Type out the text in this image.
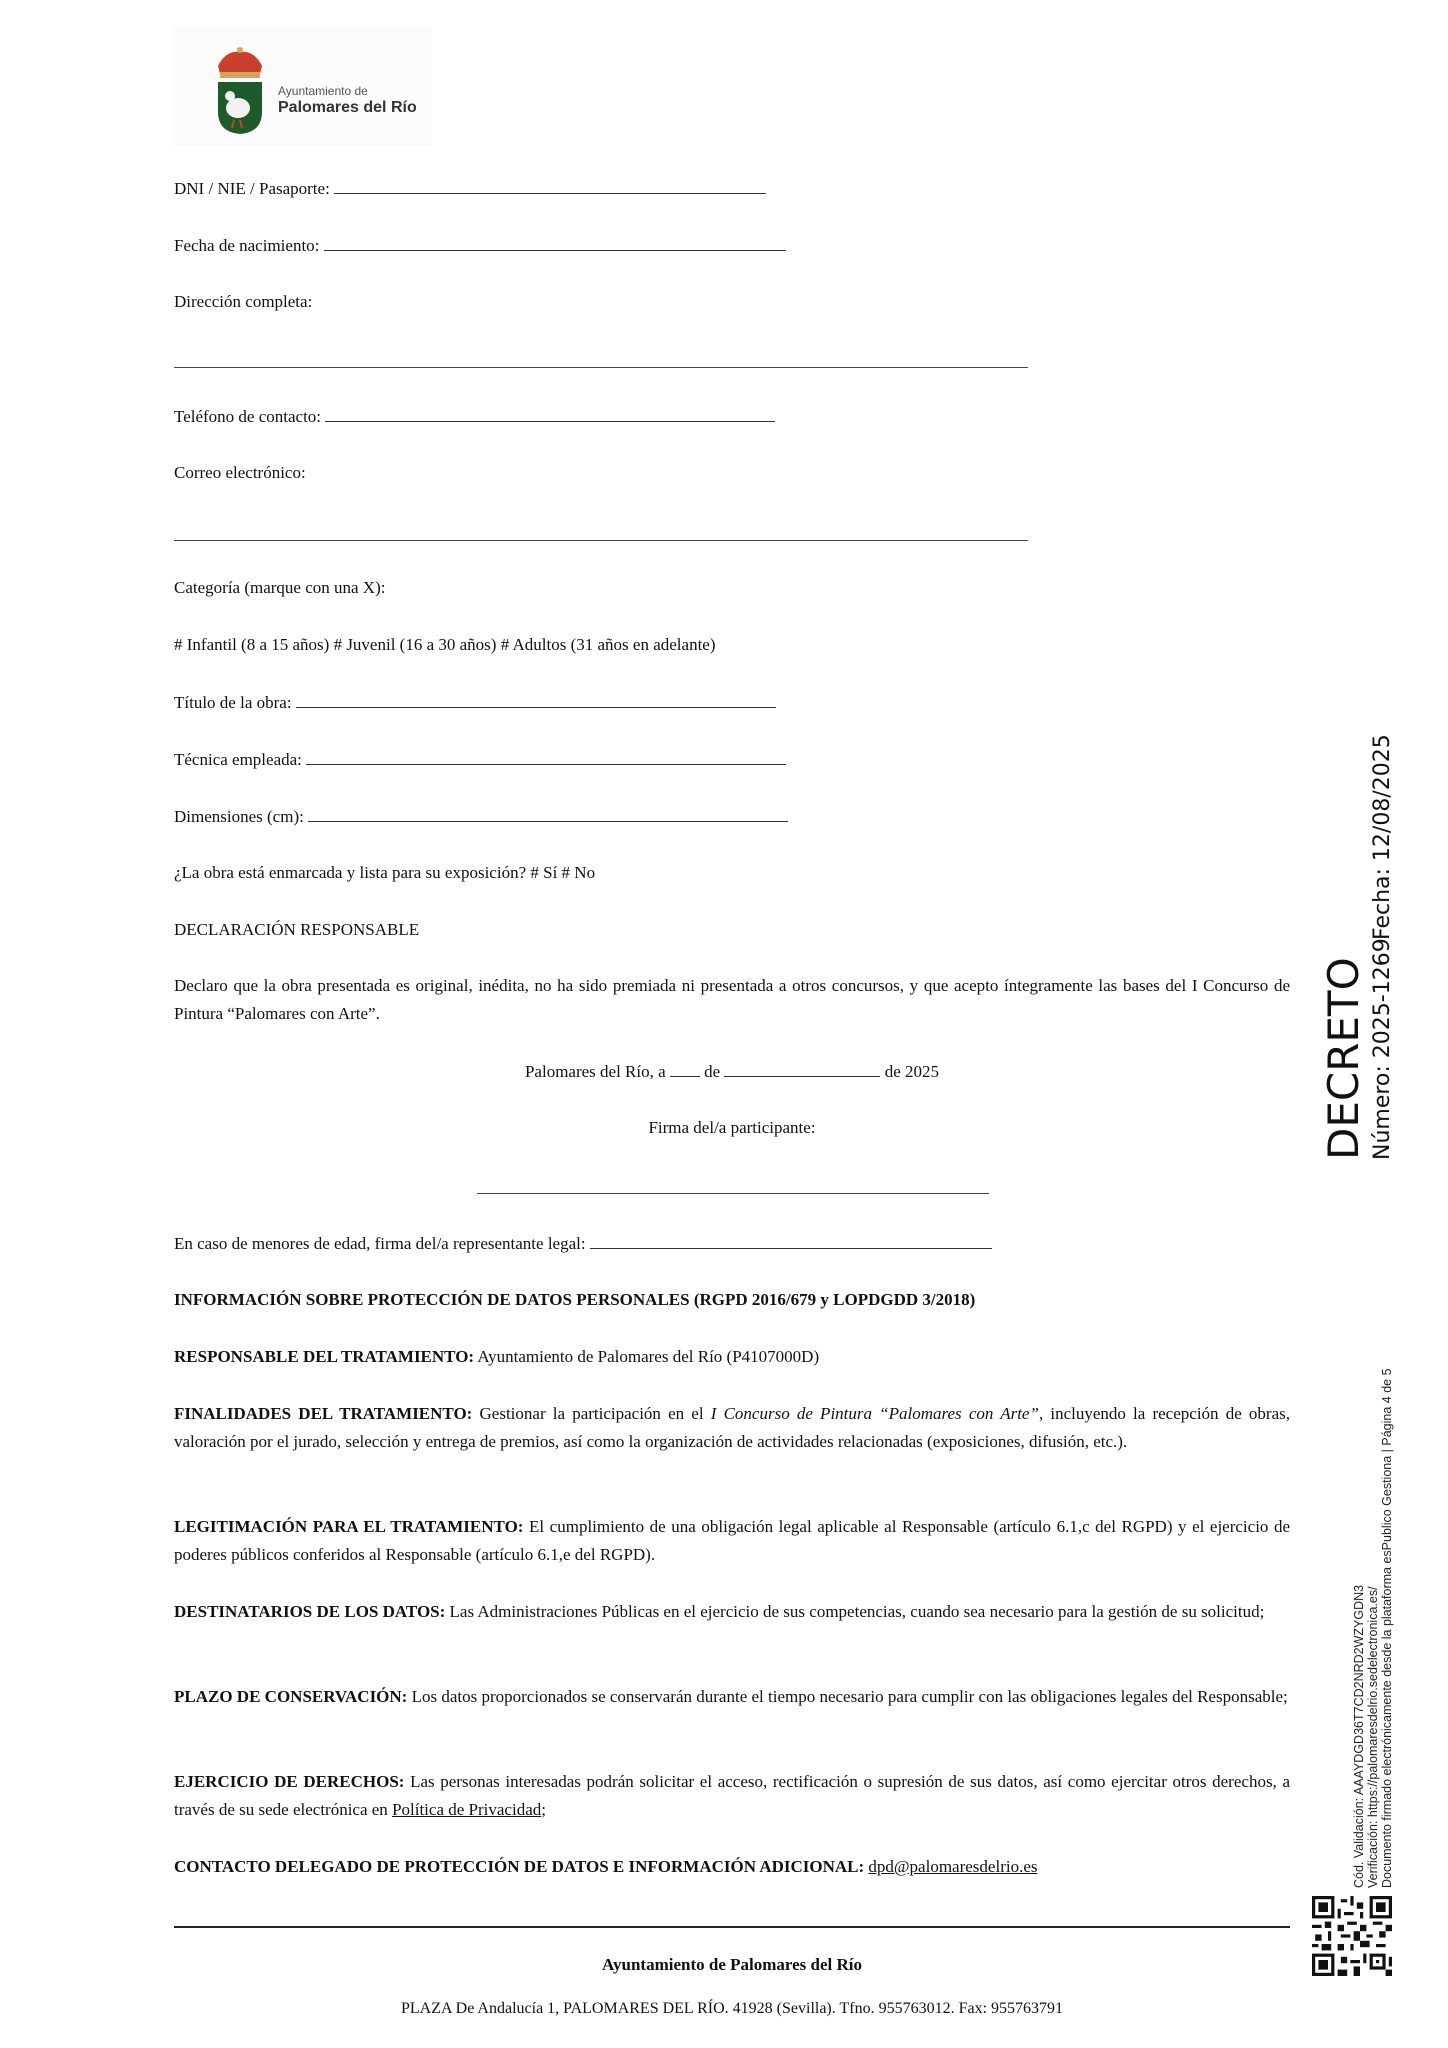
Ayuntamiento de
Palomares del Río
DNI / NIE / Pasaporte:
Fecha de nacimiento:
Dirección completa:
Teléfono de contacto:
Correo electrónico:
Categoría (marque con una X):
# Infantil (8 a 15 años) # Juvenil (16 a 30 años) # Adultos (31 años en adelante)
Título de la obra:
Técnica empleada:
Dimensiones (cm):
¿La obra está enmarcada y lista para su exposición? # Sí # No
DECLARACIÓN RESPONSABLE
Declaro que la obra presentada es original, inédita, no ha sido premiada ni presentada a otros concursos, y que acepto íntegramente las bases del I Concurso de Pintura “Palomares con Arte”.
Palomares del Río, a de	de 2025
Firma del/a participante:
En caso de menores de edad, firma del/a representante legal:
INFORMACIÓN SOBRE PROTECCIÓN DE DATOS PERSONALES (RGPD 2016/679 y LOPDGDD 3/2018)
RESPONSABLE DEL TRATAMIENTO: Ayuntamiento de Palomares del Río (P4107000D)
FINALIDADES DEL TRATAMIENTO: Gestionar la participación en el I Concurso de Pintura “Palomares con Arte”, incluyendo la recepción de obras, valoración por el jurado, selección y entrega de premios, así como la organización de actividades relacionadas (exposiciones, difusión, etc.).
LEGITIMACIÓN PARA EL TRATAMIENTO: El cumplimiento de una obligación legal aplicable al Responsable (artículo 6.1,c del RGPD) y el ejercicio de poderes públicos conferidos al Responsable (artículo 6.1,e del RGPD).
DESTINATARIOS DE LOS DATOS: Las Administraciones Públicas en el ejercicio de sus competencias, cuando sea necesario para la gestión de su solicitud;
PLAZO DE CONSERVACIÓN: Los datos proporcionados se conservarán durante el tiempo necesario para cumplir con las obligaciones legales del Responsable;
EJERCICIO DE DERECHOS: Las personas interesadas podrán solicitar el acceso, rectificación o supresión de sus datos, así como ejercitar otros derechos, a través de su sede electrónica en Política de Privacidad;
CONTACTO DELEGADO DE PROTECCIÓN DE DATOS E INFORMACIÓN ADICIONAL: dpd@palomaresdelrio.es
Ayuntamiento de Palomares del Río
PLAZA De Andalucía 1, PALOMARES DEL RÍO. 41928 (Sevilla). Tfno. 955763012. Fax: 955763791
DECRETO Número: 2025-1269
Fecha: 12/08/2025
Cód. Validación: AAAYDGD36T7CD2NRD2WZYGDN3 Verificación: https://palomaresdelrio.sedelectronica.es/ Documento firmado electrónicamente desde la plataforma esPublico Gestiona | Página 4 de 5
